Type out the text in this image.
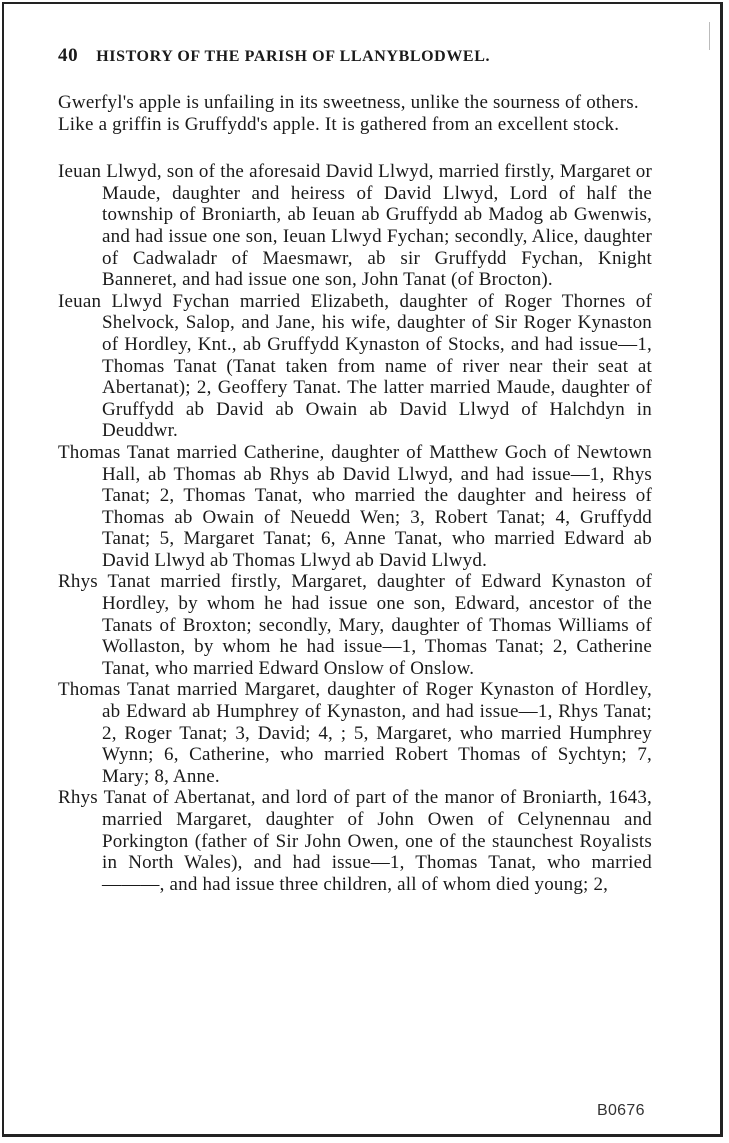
40 HISTORY OF THE PARISH OF LLANYBLODWEL.

Gwerfyl's apple is unfailing in its sweetness, unlike the sourness of others.

Like a griffin is Gruffydd's apple. It is gathered from an excellent stock.

Ieuan Llwyd, son of the aforesaid David Llwyd, married firstly, Margaret or Maude, daughter and heiress of David Llwyd, Lord of half the township of Broniarth, ab Ieuan ab Gruffydd ab Madog ab Gwenwis, and had issue one son, Ieuan Llwyd Fychan; secondly, Alice, daughter of Cadwaladr of Maesmawr, ab sir Gruffydd Fychan, Knight Banneret, and had issue one son, John Tanat (of Brocton).

Ieuan Llwyd Fychan married Elizabeth, daughter of Roger Thornes of Shelvock, Salop, and Jane, his wife, daughter of Sir Roger Kynaston of Hordley, Knt., ab Gruffydd Kynaston of Stocks, and had issue—1, Thomas Tanat (Tanat taken from name of river near their seat at Abertanat); 2, Geoffery Tanat. The latter married Maude, daughter of Gruffydd ab David ab Owain ab David Llwyd of Halchdyn in Deuddwr.

Thomas Tanat married Catherine, daughter of Matthew Goch of Newtown Hall, ab Thomas ab Rhys ab David Llwyd, and had issue—1, Rhys Tanat; 2, Thomas Tanat, who married the daughter and heiress of Thomas ab Owain of Neuedd Wen; 3, Robert Tanat; 4, Gruffydd Tanat; 5, Margaret Tanat; 6, Anne Tanat, who married Edward ab David Llwyd ab Thomas Llwyd ab David Llwyd.

Rhys Tanat married firstly, Margaret, daughter of Edward Kynaston of Hordley, by whom he had issue one son, Edward, ancestor of the Tanats of Broxton; secondly, Mary, daughter of Thomas Williams of Wollaston, by whom he had issue—1, Thomas Tanat; 2, Catherine Tanat, who married Edward Onslow of Onslow.

Thomas Tanat married Margaret, daughter of Roger Kynaston of Hordley, ab Edward ab Humphrey of Kynaston, and had issue—1, Rhys Tanat; 2, Roger Tanat; 3, David; 4, ; 5, Margaret, who married Humphrey Wynn; 6, Catherine, who married Robert Thomas of Sychtyn; 7, Mary; 8, Anne.

Rhys Tanat of Abertanat, and lord of part of the manor of Broniarth, 1643, married Margaret, daughter of John Owen of Celynennau and Porkington (father of Sir John Owen, one of the staunchest Royalists in North Wales), and had issue—1, Thomas Tanat, who married ———, and had issue three children, all of whom died young; 2,

B0676
